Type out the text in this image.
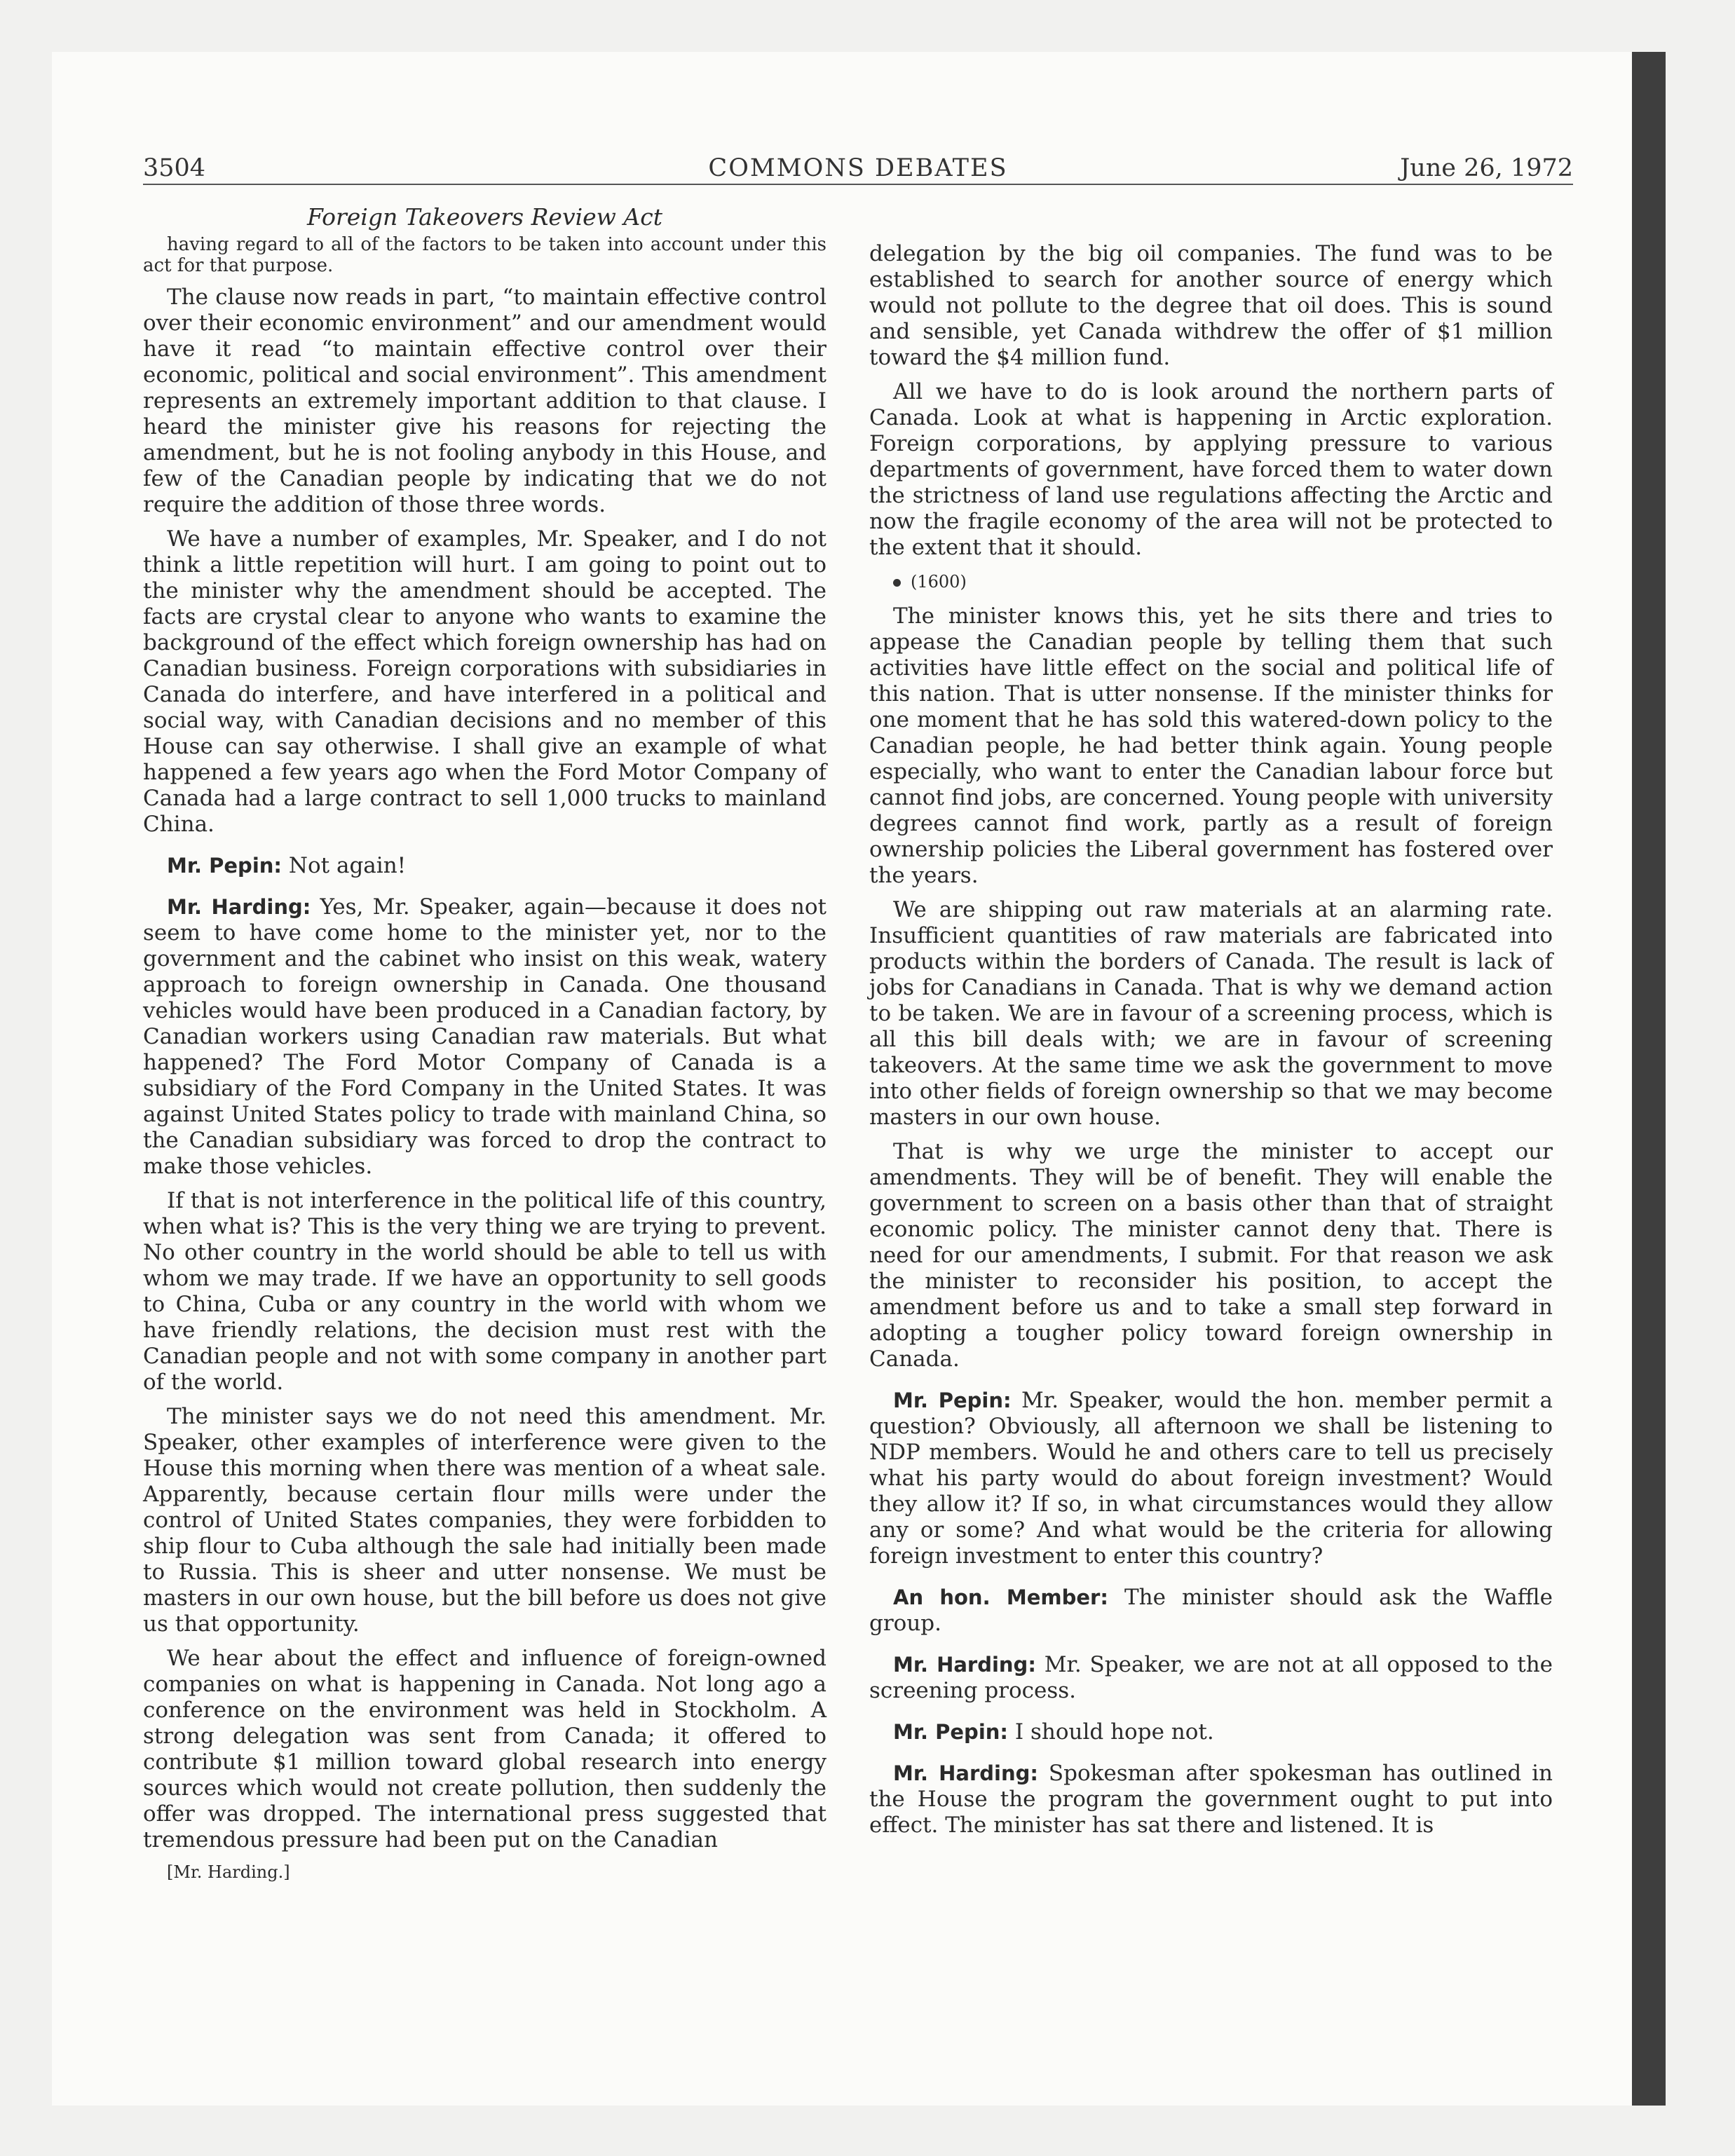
3504	COMMONS DEBATES	June 26, 1972
Foreign Takeovers Review Act

having regard to all of the factors to be taken into account under this act for that purpose.

The clause now reads in part, “to maintain effective control over their economic environment” and our amendment would have it read “to maintain effective control over their economic, political and social environment”. This amendment represents an extremely important addition to that clause. I heard the minister give his reasons for rejecting the amendment, but he is not fooling anybody in this House, and few of the Canadian people by indicating that we do not require the addition of those three words.

We have a number of examples, Mr. Speaker, and I do not think a little repetition will hurt. I am going to point out to the minister why the amendment should be accepted. The facts are crystal clear to anyone who wants to examine the background of the effect which foreign ownership has had on Canadian business. Foreign corporations with subsidiaries in Canada do interfere, and have interfered in a political and social way, with Canadian decisions and no member of this House can say otherwise. I shall give an example of what happened a few years ago when the Ford Motor Company of Canada had a large contract to sell 1,000 trucks to mainland China.

Mr. Pepin: Not again!

Mr. Harding: Yes, Mr. Speaker, again—because it does not seem to have come home to the minister yet, nor to the government and the cabinet who insist on this weak, watery approach to foreign ownership in Canada. One thousand vehicles would have been produced in a Canadian factory, by Canadian workers using Canadian raw materials. But what happened? The Ford Motor Company of Canada is a subsidiary of the Ford Company in the United States. It was against United States policy to trade with mainland China, so the Canadian subsidiary was forced to drop the contract to make those vehicles.

If that is not interference in the political life of this country, when what is? This is the very thing we are trying to prevent. No other country in the world should be able to tell us with whom we may trade. If we have an opportunity to sell goods to China, Cuba or any country in the world with whom we have friendly relations, the decision must rest with the Canadian people and not with some company in another part of the world.

The minister says we do not need this amendment. Mr. Speaker, other examples of interference were given to the House this morning when there was mention of a wheat sale. Apparently, because certain flour mills were under the control of United States companies, they were forbidden to ship flour to Cuba although the sale had initially been made to Russia. This is sheer and utter nonsense. We must be masters in our own house, but the bill before us does not give us that opportunity.

We hear about the effect and influence of foreign-owned companies on what is happening in Canada. Not long ago a conference on the environment was held in Stockholm. A strong delegation was sent from Canada; it offered to contribute $1 million toward global research into energy sources which would not create pollution, then suddenly the offer was dropped. The international press suggested that tremendous pressure had been put on the Canadian

[Mr. Harding.]

delegation by the big oil companies. The fund was to be established to search for another source of energy which would not pollute to the degree that oil does. This is sound and sensible, yet Canada withdrew the offer of $1 million toward the $4 million fund.

All we have to do is look around the northern parts of Canada. Look at what is happening in Arctic exploration. Foreign corporations, by applying pressure to various departments of government, have forced them to water down the strictness of land use regulations affecting the Arctic and now the fragile economy of the area will not be protected to the extent that it should.

(1600)

The minister knows this, yet he sits there and tries to appease the Canadian people by telling them that such activities have little effect on the social and political life of this nation. That is utter nonsense. If the minister thinks for one moment that he has sold this watered-down policy to the Canadian people, he had better think again. Young people especially, who want to enter the Canadian labour force but cannot find jobs, are concerned. Young people with university degrees cannot find work, partly as a result of foreign ownership policies the Liberal government has fostered over the years.

We are shipping out raw materials at an alarming rate. Insufficient quantities of raw materials are fabricated into products within the borders of Canada. The result is lack of jobs for Canadians in Canada. That is why we demand action to be taken. We are in favour of a screening process, which is all this bill deals with; we are in favour of screening takeovers. At the same time we ask the government to move into other fields of foreign ownership so that we may become masters in our own house.

That is why we urge the minister to accept our amendments. They will be of benefit. They will enable the government to screen on a basis other than that of straight economic policy. The minister cannot deny that. There is need for our amendments, I submit. For that reason we ask the minister to reconsider his position, to accept the amendment before us and to take a small step forward in adopting a tougher policy toward foreign ownership in Canada.

Mr. Pepin: Mr. Speaker, would the hon. member permit a question? Obviously, all afternoon we shall be listening to NDP members. Would he and others care to tell us precisely what his party would do about foreign investment? Would they allow it? If so, in what circumstances would they allow any or some? And what would be the criteria for allowing foreign investment to enter this country?

An hon. Member: The minister should ask the Waffle group.

Mr. Harding: Mr. Speaker, we are not at all opposed to the screening process.

Mr. Pepin: I should hope not.

Mr. Harding: Spokesman after spokesman has outlined in the House the program the government ought to put into effect. The minister has sat there and listened. It is
